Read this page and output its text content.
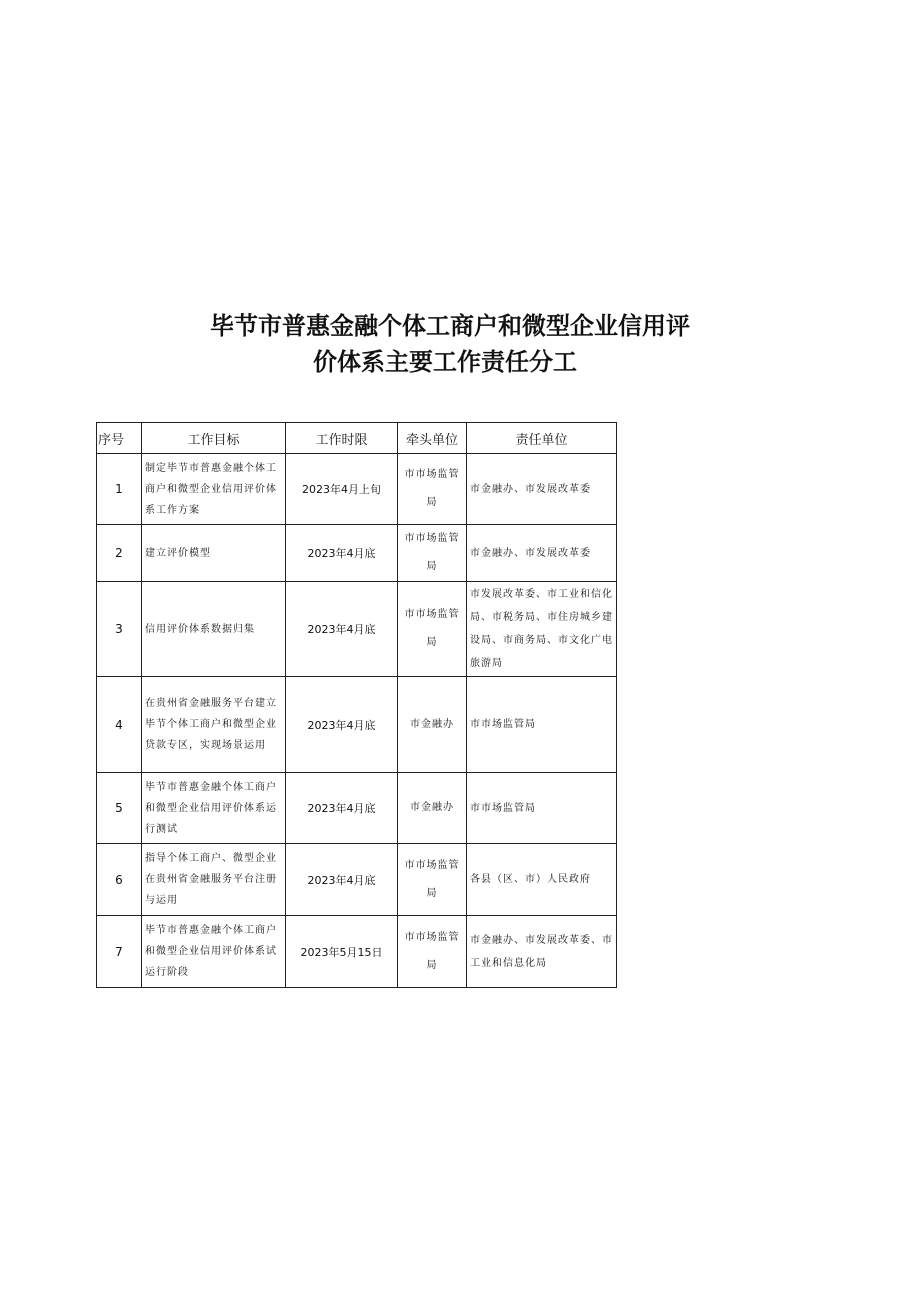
毕节市普惠金融个体工商户和微型企业信用评
价体系主要工作责任分工
序号	工作目标	工作时限	牵头单位	责任单位
1	制定毕节市普惠金融个体工商户和微型企业信用评价体系工作方案	2023年4月上旬	市市场监管局	市金融办、市发展改革委
2	建立评价模型	2023年4月底	市市场监管局	市金融办、市发展改革委
3	信用评价体系数据归集	2023年4月底	市市场监管局	市发展改革委、市工业和信化局、市税务局、市住房城乡建设局、市商务局、市文化广电旅游局
4	在贵州省金融服务平台建立毕节个体工商户和微型企业贷款专区，实现场景运用	2023年4月底	市金融办	市市场监管局
5	毕节市普惠金融个体工商户和微型企业信用评价体系运行测试	2023年4月底	市金融办	市市场监管局
6	指导个体工商户、微型企业在贵州省金融服务平台注册与运用	2023年4月底	市市场监管局	各县（区、市）人民政府
7	毕节市普惠金融个体工商户和微型企业信用评价体系试运行阶段	2023年5月15日	市市场监管局	市金融办、市发展改革委、市工业和信息化局
